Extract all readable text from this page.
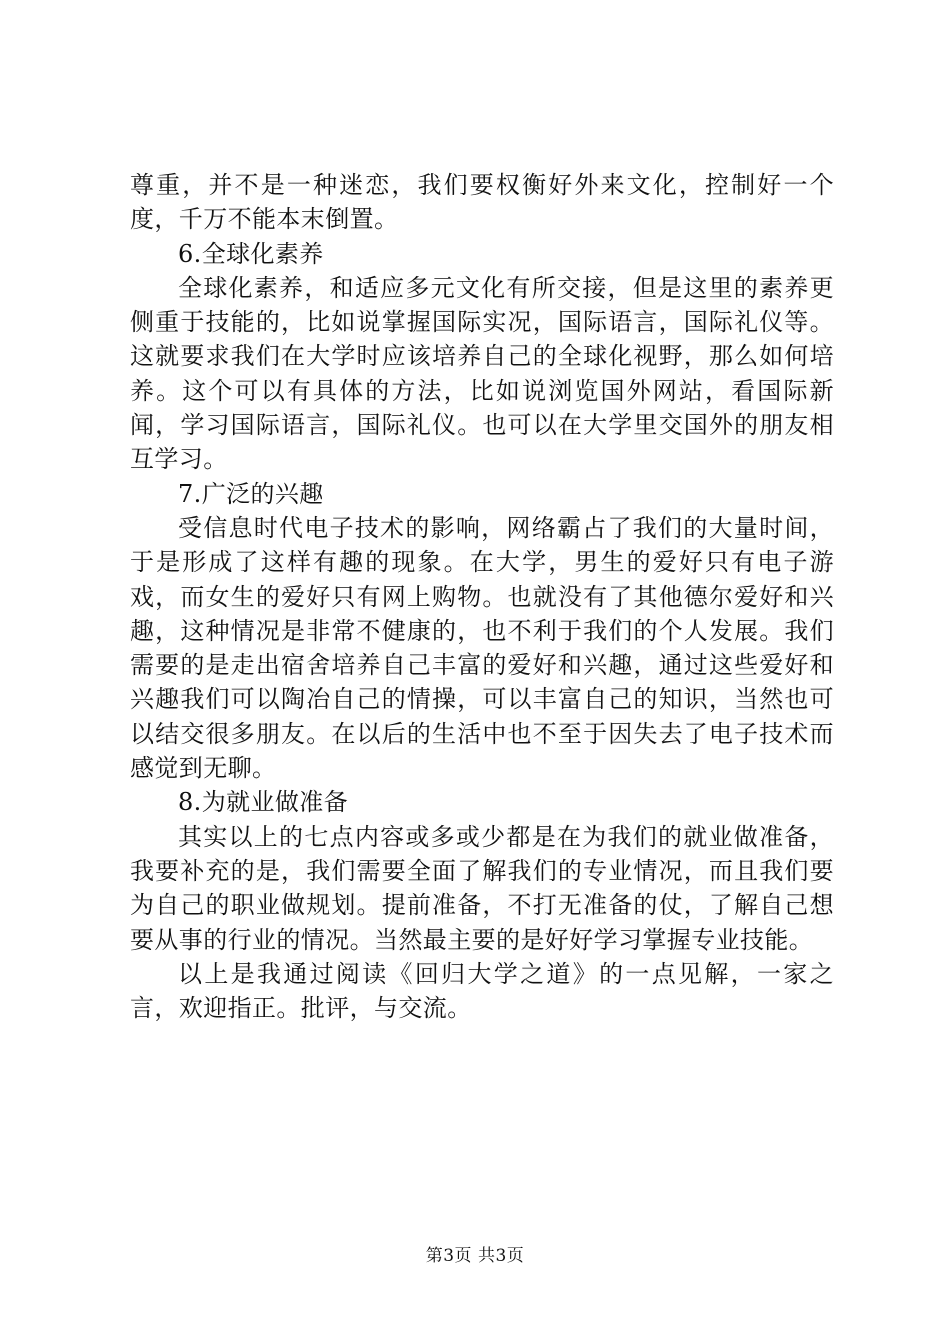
尊重，并不是一种迷恋，我们要权衡好外来文化，控制好一个度，千万不能本末倒置。

6.全球化素养

全球化素养，和适应多元文化有所交接，但是这里的素养更侧重于技能的，比如说掌握国际实况，国际语言，国际礼仪等。这就要求我们在大学时应该培养自己的全球化视野，那么如何培养。这个可以有具体的方法，比如说浏览国外网站，看国际新闻，学习国际语言，国际礼仪。也可以在大学里交国外的朋友相互学习。

7.广泛的兴趣

受信息时代电子技术的影响，网络霸占了我们的大量时间，于是形成了这样有趣的现象。在大学，男生的爱好只有电子游戏，而女生的爱好只有网上购物。也就没有了其他德尔爱好和兴趣，这种情况是非常不健康的，也不利于我们的个人发展。我们需要的是走出宿舍培养自己丰富的爱好和兴趣，通过这些爱好和兴趣我们可以陶冶自己的情操，可以丰富自己的知识，当然也可以结交很多朋友。在以后的生活中也不至于因失去了电子技术而感觉到无聊。

8.为就业做准备

其实以上的七点内容或多或少都是在为我们的就业做准备，我要补充的是，我们需要全面了解我们的专业情况，而且我们要为自己的职业做规划。提前准备，不打无准备的仗，了解自己想要从事的行业的情况。当然最主要的是好好学习掌握专业技能。

以上是我通过阅读《回归大学之道》的一点见解，一家之言，欢迎指正。批评，与交流。

第3页 共3页
